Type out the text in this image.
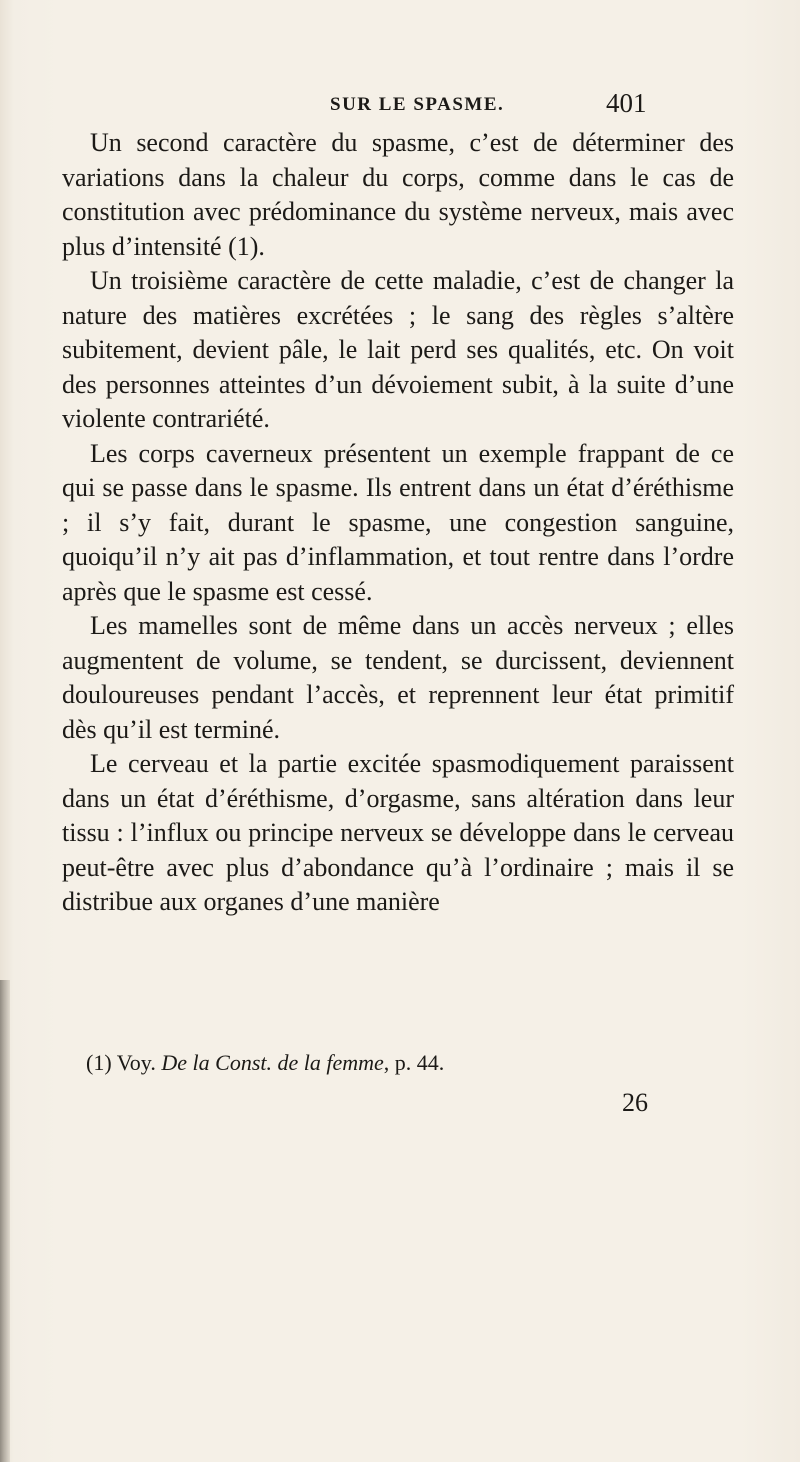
SUR LE SPASME.	401

Un second caractère du spasme, c’est de déterminer des variations dans la chaleur du corps, comme dans le cas de constitution avec prédominance du système nerveux, mais avec plus d’intensité (1).

Un troisième caractère de cette maladie, c’est de changer la nature des matières excrétées ; le sang des règles s’altère subitement, devient pâle, le lait perd ses qualités, etc. On voit des personnes atteintes d’un dévoiement subit, à la suite d’une violente contrariété.

Les corps caverneux présentent un exemple frappant de ce qui se passe dans le spasme. Ils entrent dans un état d’éréthisme ; il s’y fait, durant le spasme, une congestion sanguine, quoiqu’il n’y ait pas d’inflammation, et tout rentre dans l’ordre après que le spasme est cessé.

Les mamelles sont de même dans un accès nerveux ; elles augmentent de volume, se tendent, se durcissent, deviennent douloureuses pendant l’accès, et reprennent leur état primitif dès qu’il est terminé.

Le cerveau et la partie excitée spasmodiquement paraissent dans un état d’éréthisme, d’orgasme, sans altération dans leur tissu : l’influx ou principe nerveux se développe dans le cerveau peut-être avec plus d’abondance qu’à l’ordinaire ; mais il se distribue aux organes d’une manière

(1) Voy. De la Const. de la femme, p. 44.
26
